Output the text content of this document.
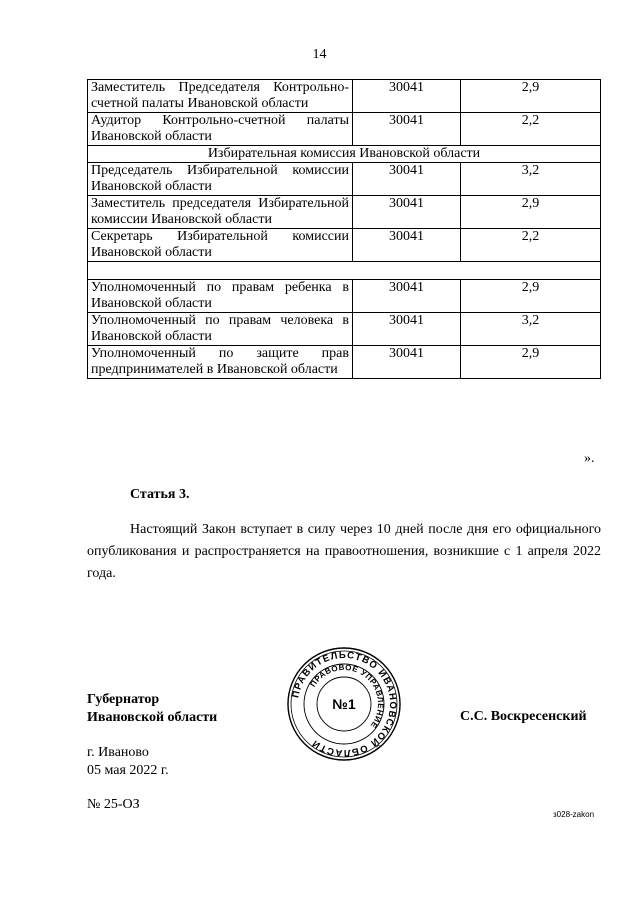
14
Заместитель Председателя Контрольно-счетной палаты Ивановской области	30041	2,9
Аудитор Контрольно-счетной палаты Ивановской области	30041	2,2
Избирательная комиссия Ивановской области		
Председатель Избирательной комиссии Ивановской области	30041	3,2
Заместитель председателя Избирательной комиссии Ивановской области	30041	2,9
Секретарь Избирательной комиссии Ивановской области	30041	2,2

Уполномоченный по правам ребенка в Ивановской области	30041	2,9
Уполномоченный по правам человека в Ивановской области	30041	3,2
Уполномоченный по защите прав предпринимателей в Ивановской области	30041	2,9
».
Статья 3.
Настоящий Закон вступает в силу через 10 дней после дня его официального опубликования и распространяется на правоотношения, возникшие с 1 апреля 2022 года.
Губернатор
Ивановской области
ПРАВИТЕЛЬСТВО ИВАНОВСКОЙ ОБЛАСТИ
ПРАВОВОЕ УПРАВЛЕНИЕ
№1
С.С. Воскресенский
г. Иваново
05 мая 2022 г.
№ 25-ОЗ
з028-zakon
